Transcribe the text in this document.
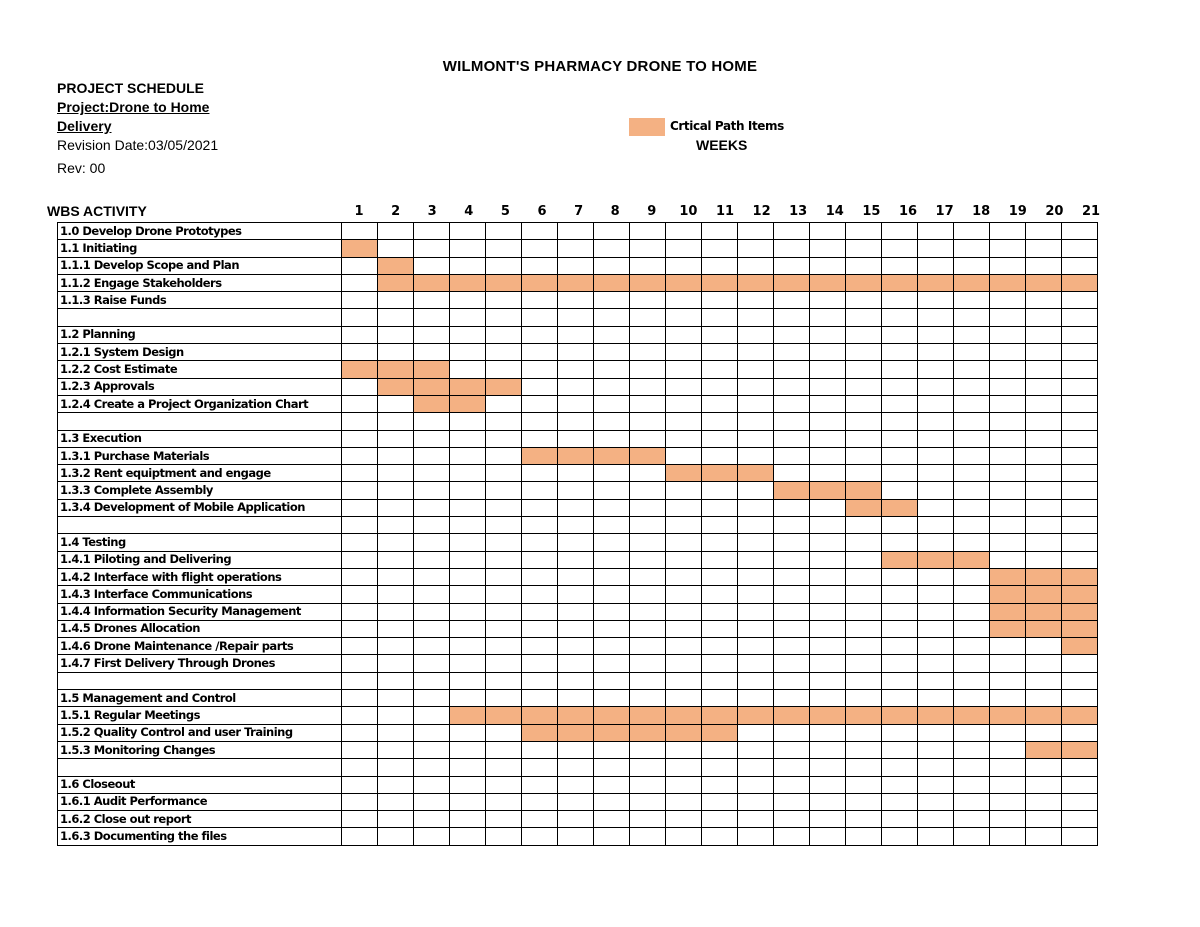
WILMONT'S PHARMACY DRONE TO HOME
PROJECT SCHEDULE
Project:Drone to Home
Delivery
Revision Date:03/05/2021
Rev: 00
Crtical Path Items
WEEKS
WBS ACTIVITY	1	2	3	4	5	6	7	8	9	10	11	12	13	14	15	16	17	18	19	20	21
1.0 Develop Drone Prototypes																					
1.1 Initiating																					
1.1.1 Develop Scope and Plan																					
1.1.2 Engage Stakeholders																					
1.1.3 Raise Funds																					

1.2 Planning																					
1.2.1 System Design																					
1.2.2 Cost Estimate																					
1.2.3 Approvals																					
1.2.4 Create a Project Organization Chart																					

1.3 Execution																					
1.3.1 Purchase Materials																					
1.3.2 Rent equiptment and engage																					
1.3.3 Complete Assembly																					
1.3.4 Development of Mobile Application																					

1.4 Testing																					
1.4.1 Piloting and Delivering																					
1.4.2 Interface with flight operations																					
1.4.3 Interface Communications																					
1.4.4 Information Security Management																					
1.4.5 Drones Allocation																					
1.4.6 Drone Maintenance /Repair parts																					
1.4.7 First Delivery Through Drones																					

1.5 Management and Control																					
1.5.1 Regular Meetings																					
1.5.2 Quality Control and user Training																					
1.5.3 Monitoring Changes																					

1.6 Closeout																					
1.6.1 Audit Performance																					
1.6.2 Close out report																					
1.6.3 Documenting the files																					
